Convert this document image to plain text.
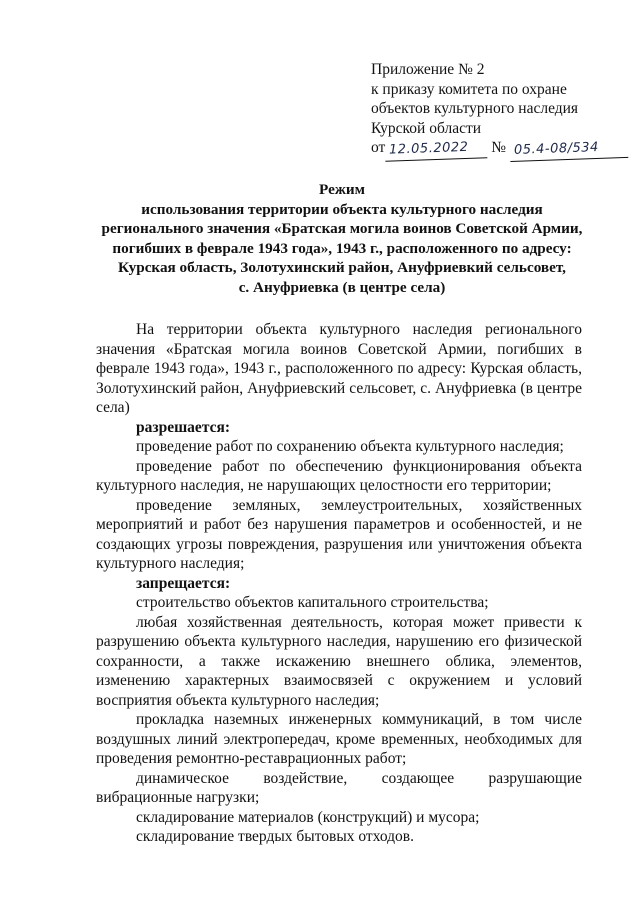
Приложение № 2
к приказу комитета по охране
объектов культурного наследия
Курской области
от 12.05.2022 № 05.4-08/534
Режим
использования территории объекта культурного наследия
регионального значения «Братская могила воинов Советской Армии,
погибших в феврале 1943 года», 1943 г., расположенного по адресу:
Курская область, Золотухинский район, Ануфриевкий сельсовет,
с. Ануфриевка (в центре села)

На территории объекта культурного наследия регионального значения «Братская могила воинов Советской Армии, погибших в феврале 1943 года», 1943 г., расположенного по адресу: Курская область, Золотухинский район, Ануфриевский сельсовет, с. Ануфриевка (в центре села)

разрешается:

проведение работ по сохранению объекта культурного наследия;

проведение работ по обеспечению функционирования объекта культурного наследия, не нарушающих целостности его территории;

проведение земляных, землеустроительных, хозяйственных мероприятий и работ без нарушения параметров и особенностей, и не создающих угрозы повреждения, разрушения или уничтожения объекта культурного наследия;

запрещается:

строительство объектов капитального строительства;

любая хозяйственная деятельность, которая может привести к разрушению объекта культурного наследия, нарушению его физической сохранности, а также искажению внешнего облика, элементов, изменению характерных взаимосвязей с окружением и условий восприятия объекта культурного наследия;

прокладка наземных инженерных коммуникаций, в том числе воздушных линий электропередач, кроме временных, необходимых для проведения ремонтно-реставрационных работ;

динамическое воздействие, создающее разрушающие вибрационные нагрузки;

складирование материалов (конструкций) и мусора;

складирование твердых бытовых отходов.
